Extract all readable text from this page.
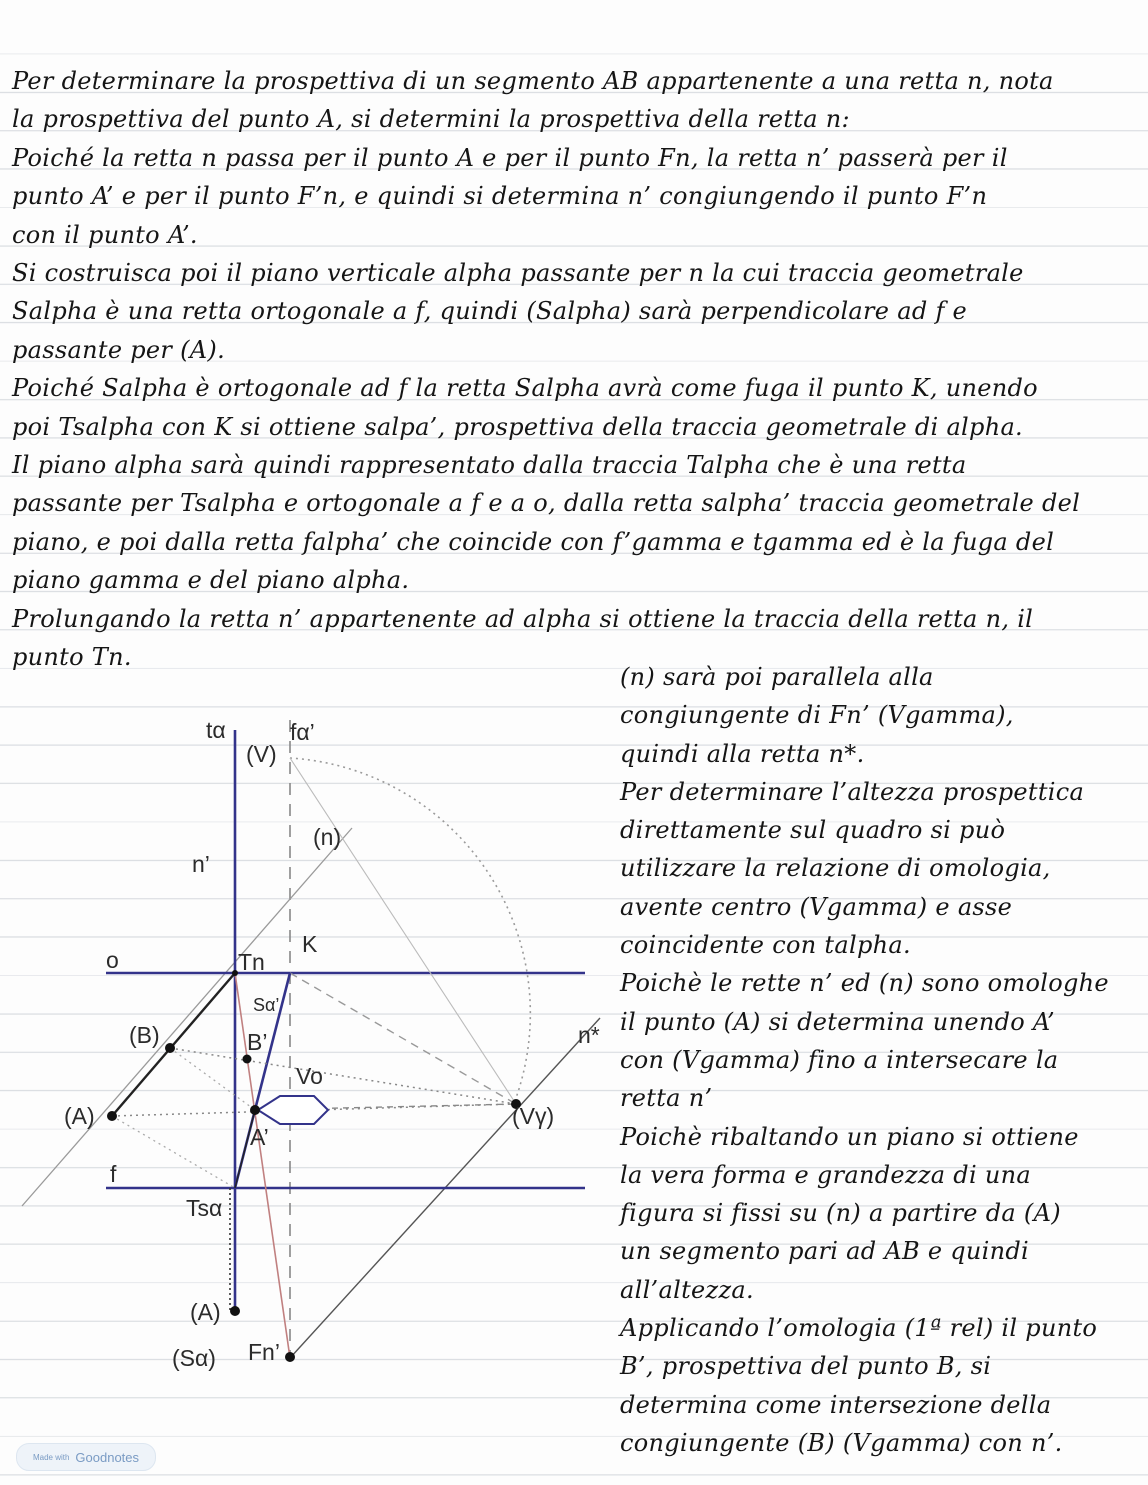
Per determinare la prospettiva di un segmento AB appartenente a una retta n, nota
la prospettiva del punto A, si determini la prospettiva della retta n:
Poiché la retta n passa per il punto A e per il punto Fn, la retta n’ passerà per il
punto A’ e per il punto F’n, e quindi si determina n’ congiungendo il punto F’n
con il punto A’.
Si costruisca poi il piano verticale alpha passante per n la cui traccia geometrale
Salpha è una retta ortogonale a f, quindi (Salpha) sarà perpendicolare ad f e
passante per (A).
Poiché Salpha è ortogonale ad f la retta Salpha avrà come fuga il punto K, unendo
poi Tsalpha con K si ottiene salpa’, prospettiva della traccia geometrale di alpha.
Il piano alpha sarà quindi rappresentato dalla traccia Talpha che è una retta
passante per Tsalpha e ortogonale a f e a o, dalla retta salpha’ traccia geometrale del
piano, e poi dalla retta falpha’ che coincide con f’gamma e tgamma ed è la fuga del
piano gamma e del piano alpha.
Prolungando la retta n’ appartenente ad alpha si ottiene la traccia della retta n, il
punto Tn.
tα	fα’
(V)
(n)
n’
K
o	Tn
Sα’
(B)	B’	n*
Vo
(A)	(Vγ)
A’
f
Tsα
(A)
(Sα) Fn’
(n) sarà poi parallela alla
congiungente di Fn’ (Vgamma),
quindi alla retta n*.
Per determinare l’altezza prospettica
direttamente sul quadro si può
utilizzare la relazione di omologia,
avente centro (Vgamma) e asse
coincidente con talpha.
Poichè le rette n’ ed (n) sono omologhe
il punto (A) si determina unendo A’
con (Vgamma) fino a intersecare la
retta n’
Poichè ribaltando un piano si ottiene
la vera forma e grandezza di una
figura si fissi su (n) a partire da (A)
un segmento pari ad AB e quindi
all’altezza.
Applicando l’omologia (1ª rel) il punto
B’, prospettiva del punto B, si
determina come intersezione della
congiungente (B) (Vgamma) con n’.
Made with Goodnotes
